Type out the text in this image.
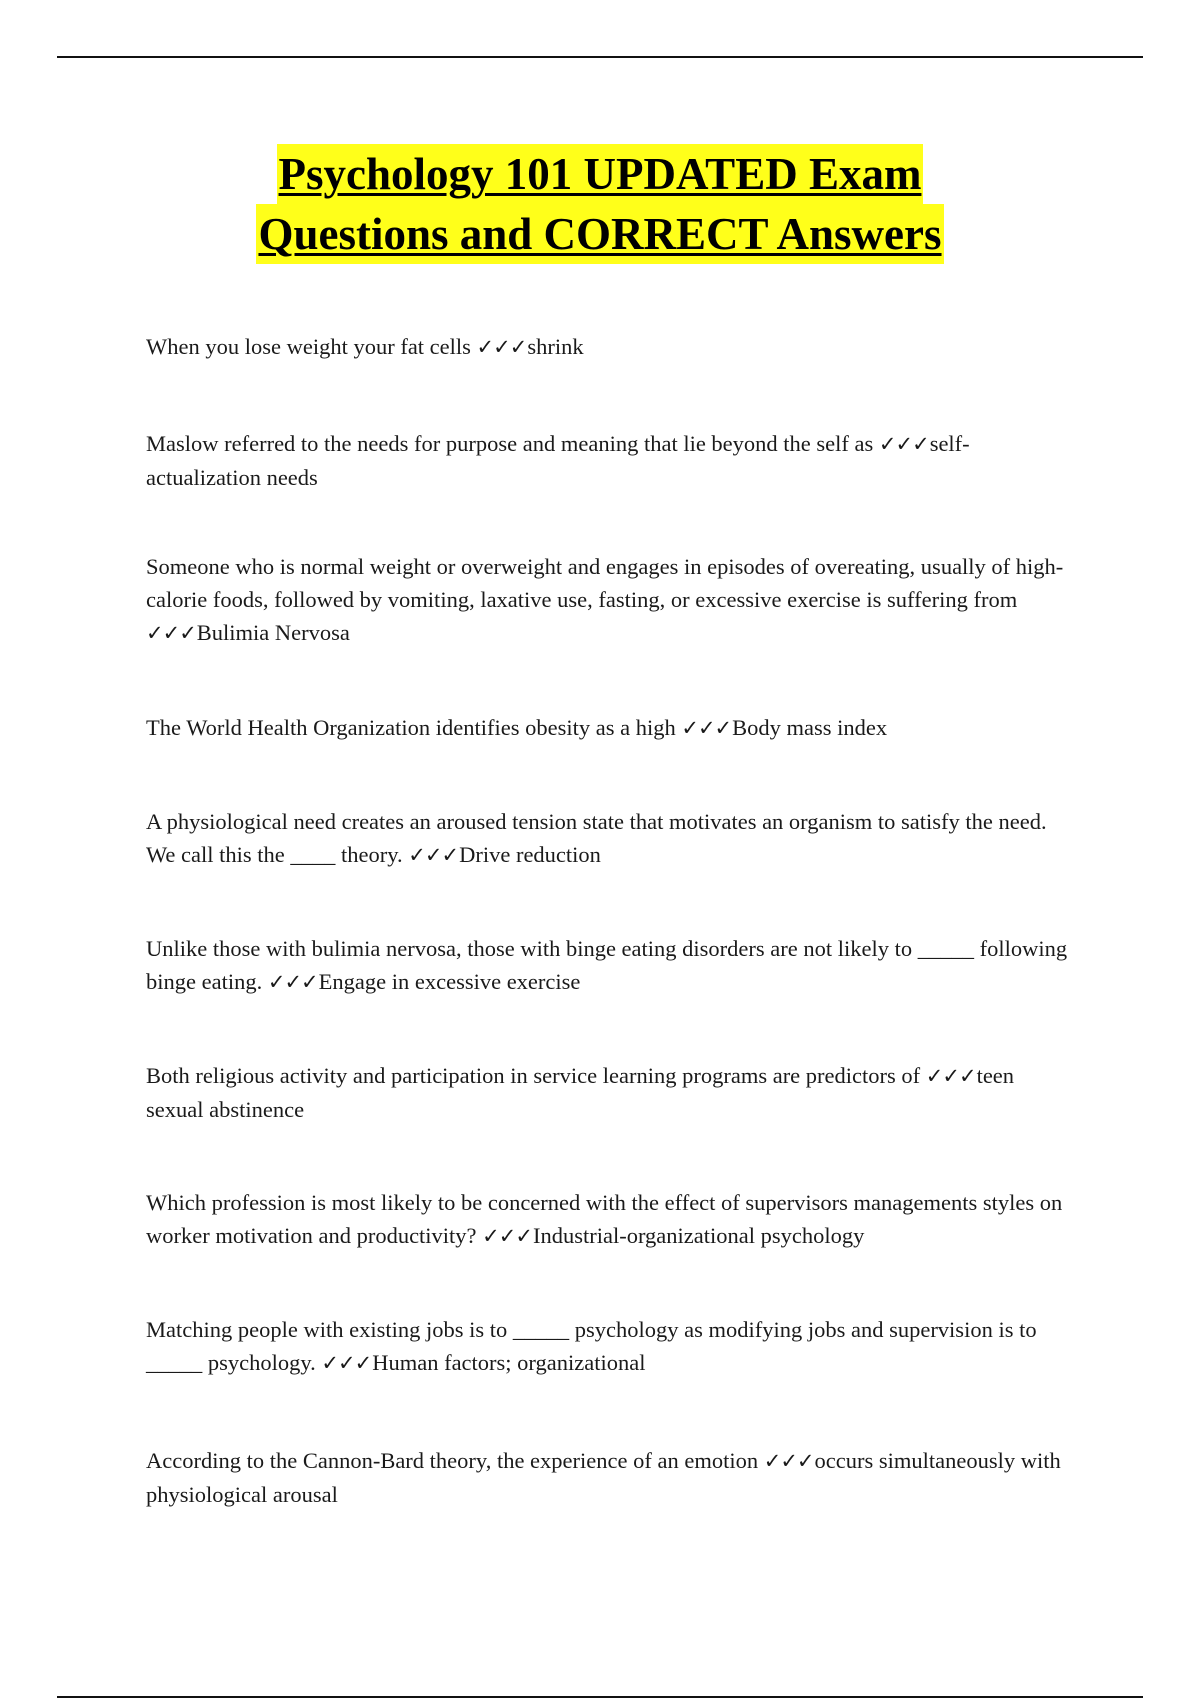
Psychology 101 UPDATED Exam
Questions and CORRECT Answers

When you lose weight your fat cells ✓✓✓shrink

Maslow referred to the needs for purpose and meaning that lie beyond the self as ✓✓✓self-actualization needs

Someone who is normal weight or overweight and engages in episodes of overeating, usually of high-calorie foods, followed by vomiting, laxative use, fasting, or excessive exercise is suffering from ✓✓✓Bulimia Nervosa

The World Health Organization identifies obesity as a high ✓✓✓Body mass index

A physiological need creates an aroused tension state that motivates an organism to satisfy the need. We call this the ____ theory. ✓✓✓Drive reduction

Unlike those with bulimia nervosa, those with binge eating disorders are not likely to _____ following binge eating. ✓✓✓Engage in excessive exercise

Both religious activity and participation in service learning programs are predictors of ✓✓✓teen sexual abstinence

Which profession is most likely to be concerned with the effect of supervisors managements styles on worker motivation and productivity? ✓✓✓Industrial-organizational psychology

Matching people with existing jobs is to _____ psychology as modifying jobs and supervision is to _____ psychology. ✓✓✓Human factors; organizational

According to the Cannon-Bard theory, the experience of an emotion ✓✓✓occurs simultaneously with physiological arousal
